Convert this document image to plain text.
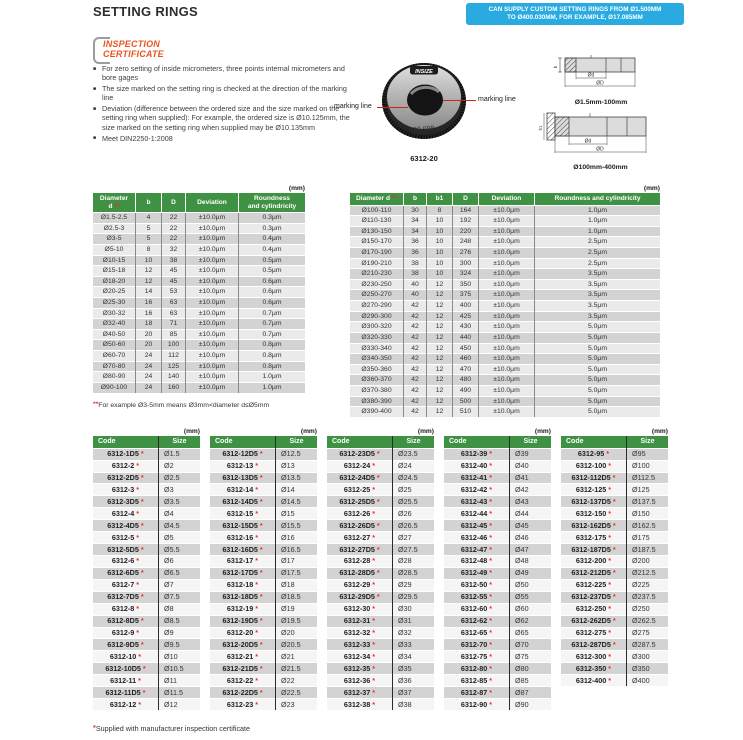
SETTING RINGS	CAN SUPPLY CUSTOM SETTING RINGS FROM Ø1.500MM
TO Ø400.030MM, FOR EXAMPLE, Ø17.085MM
INSPECTION
CERTIFICATE
■ For zero setting of inside micrometers, three points internal micrometers and bore gages
■ The size marked on the setting ring is checked at the direction of the marking line
■ Deviation (difference between the ordered size and the size marked on the setting ring when supplied): For example, the ordered size is Ø10.125mm, the size marked on the setting ring when supplied may be Ø10.135mm
■ Meet DIN2250-1:2008
INSIZE
19.998
marking line
marking line
6312-20
b
Ød
ØD
Ø1.5mm-100mm
b1
Ød
ØD
Ø100mm-400mm
(mm)
Diameter
d **	b	D	Deviation	Roundness
and cylindricity
Ø1.5-2.5	4	22	±10.0μm	0.3μm
Ø2.5-3	5	22	±10.0μm	0.3μm
Ø3-5	5	22	±10.0μm	0.4μm
Ø5-10	8	32	±10.0μm	0.4μm
Ø10-15	10	38	±10.0μm	0.5μm
Ø15-18	12	45	±10.0μm	0.5μm
Ø18-20	12	45	±10.0μm	0.6μm
Ø20-25	14	53	±10.0μm	0.6μm
Ø25-30	16	63	±10.0μm	0.6μm
Ø30-32	16	63	±10.0μm	0.7μm
Ø32-40	18	71	±10.0μm	0.7μm
Ø40-50	20	85	±10.0μm	0.7μm
Ø50-60	20	100	±10.0μm	0.8μm
Ø60-70	24	112	±10.0μm	0.8μm
Ø70-80	24	125	±10.0μm	0.8μm
Ø80-90	24	140	±10.0μm	1.0μm
Ø90-100	24	160	±10.0μm	1.0μm
(mm)
Diameter d **	b	b1	D	Deviation	Roundness and cylindricity
Ø100-110	30	8	164	±10.0μm	1.0μm
Ø110-130	34	10	192	±10.0μm	1.0μm
Ø130-150	34	10	220	±10.0μm	1.0μm
Ø150-170	36	10	248	±10.0μm	2.5μm
Ø170-190	36	10	276	±10.0μm	2.5μm
Ø190-210	38	10	300	±10.0μm	2.5μm
Ø210-230	38	10	324	±10.0μm	3.5μm
Ø230-250	40	12	350	±10.0μm	3.5μm
Ø250-270	40	12	375	±10.0μm	3.5μm
Ø270-290	42	12	400	±10.0μm	3.5μm
Ø290-300	42	12	425	±10.0μm	3.5μm
Ø300-320	42	12	430	±10.0μm	5.0μm
Ø320-330	42	12	440	±10.0μm	5.0μm
Ø330-340	42	12	450	±10.0μm	5.0μm
Ø340-350	42	12	460	±10.0μm	5.0μm
Ø350-360	42	12	470	±10.0μm	5.0μm
Ø360-370	42	12	480	±10.0μm	5.0μm
Ø370-380	42	12	490	±10.0μm	5.0μm
Ø380-390	42	12	500	±10.0μm	5.0μm
Ø390-400	42	12	510	±10.0μm	5.0μm
**For example Ø3-5mm means Ø3mm<diameter d≤Ø5mm
(mm)
Code	Size
6312-1D5 *	Ø1.5
6312-2 *	Ø2
6312-2D5 *	Ø2.5
6312-3 *	Ø3
6312-3D5 *	Ø3.5
6312-4 *	Ø4
6312-4D5 *	Ø4.5
6312-5 *	Ø5
6312-5D5 *	Ø5.5
6312-6 *	Ø6
6312-6D5 *	Ø6.5
6312-7 *	Ø7
6312-7D5 *	Ø7.5
6312-8 *	Ø8
6312-8D5 *	Ø8.5
6312-9 *	Ø9
6312-9D5 *	Ø9.5
6312-10 *	Ø10
6312-10D5 *	Ø10.5
6312-11 *	Ø11
6312-11D5 *	Ø11.5
6312-12 *	Ø12
(mm)
Code	Size
6312-12D5 *	Ø12.5
6312-13 *	Ø13
6312-13D5 *	Ø13.5
6312-14 *	Ø14
6312-14D5 *	Ø14.5
6312-15 *	Ø15
6312-15D5 *	Ø15.5
6312-16 *	Ø16
6312-16D5 *	Ø16.5
6312-17 *	Ø17
6312-17D5 *	Ø17.5
6312-18 *	Ø18
6312-18D5 *	Ø18.5
6312-19 *	Ø19
6312-19D5 *	Ø19.5
6312-20 *	Ø20
6312-20D5 *	Ø20.5
6312-21 *	Ø21
6312-21D5 *	Ø21.5
6312-22 *	Ø22
6312-22D5 *	Ø22.5
6312-23 *	Ø23
(mm)
Code	Size
6312-23D5 *	Ø23.5
6312-24 *	Ø24
6312-24D5 *	Ø24.5
6312-25 *	Ø25
6312-25D5 *	Ø25.5
6312-26 *	Ø26
6312-26D5 *	Ø26.5
6312-27 *	Ø27
6312-27D5 *	Ø27.5
6312-28 *	Ø28
6312-28D5 *	Ø28.5
6312-29 *	Ø29
6312-29D5 *	Ø29.5
6312-30 *	Ø30
6312-31 *	Ø31
6312-32 *	Ø32
6312-33 *	Ø33
6312-34 *	Ø34
6312-35 *	Ø35
6312-36 *	Ø36
6312-37 *	Ø37
6312-38 *	Ø38
(mm)
Code	Size
6312-39 *	Ø39
6312-40 *	Ø40
6312-41 *	Ø41
6312-42 *	Ø42
6312-43 *	Ø43
6312-44 *	Ø44
6312-45 *	Ø45
6312-46 *	Ø46
6312-47 *	Ø47
6312-48 *	Ø48
6312-49 *	Ø49
6312-50 *	Ø50
6312-55 *	Ø55
6312-60 *	Ø60
6312-62 *	Ø62
6312-65 *	Ø65
6312-70 *	Ø70
6312-75 *	Ø75
6312-80 *	Ø80
6312-85 *	Ø85
6312-87 *	Ø87
6312-90 *	Ø90
(mm)
Code	Size
6312-95 *	Ø95
6312-100 *	Ø100
6312-112D5 *	Ø112.5
6312-125 *	Ø125
6312-137D5 *	Ø137.5
6312-150 *	Ø150
6312-162D5 *	Ø162.5
6312-175 *	Ø175
6312-187D5 *	Ø187.5
6312-200 *	Ø200
6312-212D5 *	Ø212.5
6312-225 *	Ø225
6312-237D5 *	Ø237.5
6312-250 *	Ø250
6312-262D5 *	Ø262.5
6312-275 *	Ø275
6312-287D5 *	Ø287.5
6312-300 *	Ø300
6312-350 *	Ø350
6312-400 *	Ø400
*Supplied with manufacturer inspection certificate
